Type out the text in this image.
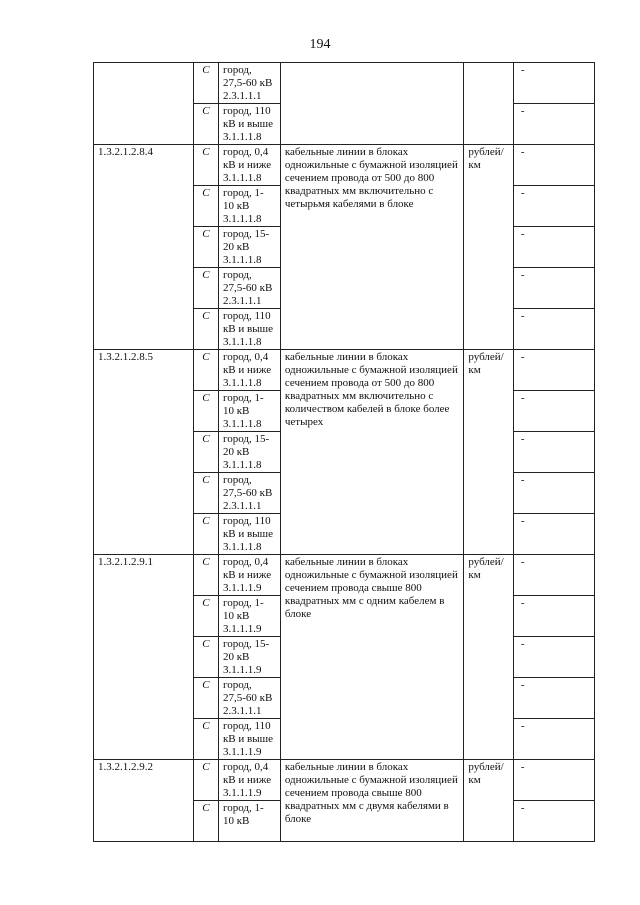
194
	С	город, 27,5-60 кВ 2.3.1.1.1			-
	С	город, 110 кВ и выше 3.1.1.1.8			-
1.3.2.1.2.8.4	С	город, 0,4 кВ и ниже 3.1.1.1.8	кабельные линии в блоках одножильные с бумажной изоляцией сечением провода от 500 до 800 квадратных мм включительно с четырьмя кабелями в блоке	рублей/ км	-
	С	город, 1- 10 кВ 3.1.1.1.8			-
	С	город, 15- 20 кВ 3.1.1.1.8			-
	С	город, 27,5-60 кВ 2.3.1.1.1			-
	С	город, 110 кВ и выше 3.1.1.1.8			-
1.3.2.1.2.8.5	С	город, 0,4 кВ и ниже 3.1.1.1.8	кабельные линии в блоках одножильные с бумажной изоляцией сечением провода от 500 до 800 квадратных мм включительно с количеством кабелей в блоке более четырех	рублей/ км	-
	С	город, 1- 10 кВ 3.1.1.1.8			-
	С	город, 15- 20 кВ 3.1.1.1.8			-
	С	город, 27,5-60 кВ 2.3.1.1.1			-
	С	город, 110 кВ и выше 3.1.1.1.8			-
1.3.2.1.2.9.1	С	город, 0,4 кВ и ниже 3.1.1.1.9	кабельные линии в блоках одножильные с бумажной изоляцией сечением провода свыше 800 квадратных мм с одним кабелем в блоке	рублей/ км	-
	С	город, 1- 10 кВ 3.1.1.1.9			-
	С	город, 15- 20 кВ 3.1.1.1.9			-
	С	город, 27,5-60 кВ 2.3.1.1.1			-
	С	город, 110 кВ и выше 3.1.1.1.9			-
1.3.2.1.2.9.2	С	город, 0,4 кВ и ниже 3.1.1.1.9	кабельные линии в блоках одножильные с бумажной изоляцией сечением провода свыше 800 квадратных мм с двумя кабелями в блоке	рублей/ км	-
	С	город, 1- 10 кВ			-
